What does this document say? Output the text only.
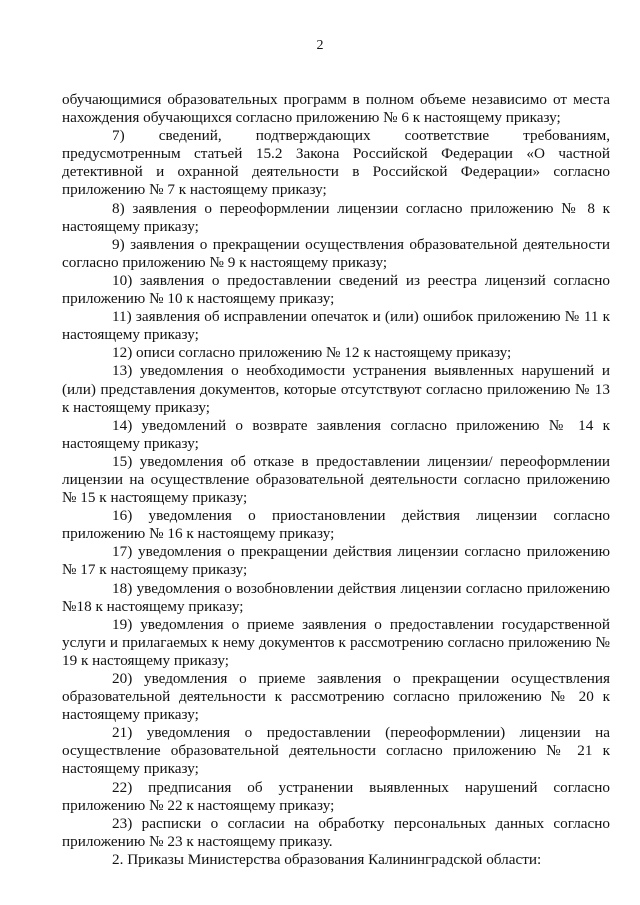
2

обучающимися образовательных программ в полном объеме независимо от места нахождения обучающихся согласно приложению № 6 к настоящему приказу;

7) сведений, подтверждающих соответствие требованиям, предусмотренным статьей 15.2 Закона Российской Федерации «О частной детективной и охранной деятельности в Российской Федерации» согласно приложению № 7 к настоящему приказу;

8) заявления о переоформлении лицензии согласно приложению № 8 к настоящему приказу;

9) заявления о прекращении осуществления образовательной деятельности согласно приложению № 9 к настоящему приказу;

10) заявления о предоставлении сведений из реестра лицензий согласно приложению № 10 к настоящему приказу;

11) заявления об исправлении опечаток и (или) ошибок приложению № 11 к настоящему приказу;

12) описи согласно приложению № 12 к настоящему приказу;

13) уведомления о необходимости устранения выявленных нарушений и (или) представления документов, которые отсутствуют согласно приложению № 13 к настоящему приказу;

14) уведомлений о возврате заявления согласно приложению № 14 к настоящему приказу;

15) уведомления об отказе в предоставлении лицензии/ переоформлении лицензии на осуществление образовательной деятельности согласно приложению № 15 к настоящему приказу;

16) уведомления о приостановлении действия лицензии согласно приложению № 16 к настоящему приказу;

17) уведомления о прекращении действия лицензии согласно приложению № 17 к настоящему приказу;

18) уведомления о возобновлении действия лицензии согласно приложению №18 к настоящему приказу;

19) уведомления о приеме заявления о предоставлении государственной услуги и прилагаемых к нему документов к рассмотрению согласно приложению № 19 к настоящему приказу;

20) уведомления о приеме заявления о прекращении осуществления образовательной деятельности к рассмотрению согласно приложению № 20 к настоящему приказу;

21) уведомления о предоставлении (переоформлении) лицензии на осуществление образовательной деятельности согласно приложению № 21 к настоящему приказу;

22) предписания об устранении выявленных нарушений согласно приложению № 22 к настоящему приказу;

23) расписки о согласии на обработку персональных данных согласно приложению № 23 к настоящему приказу.

2. Приказы Министерства образования Калининградской области:
